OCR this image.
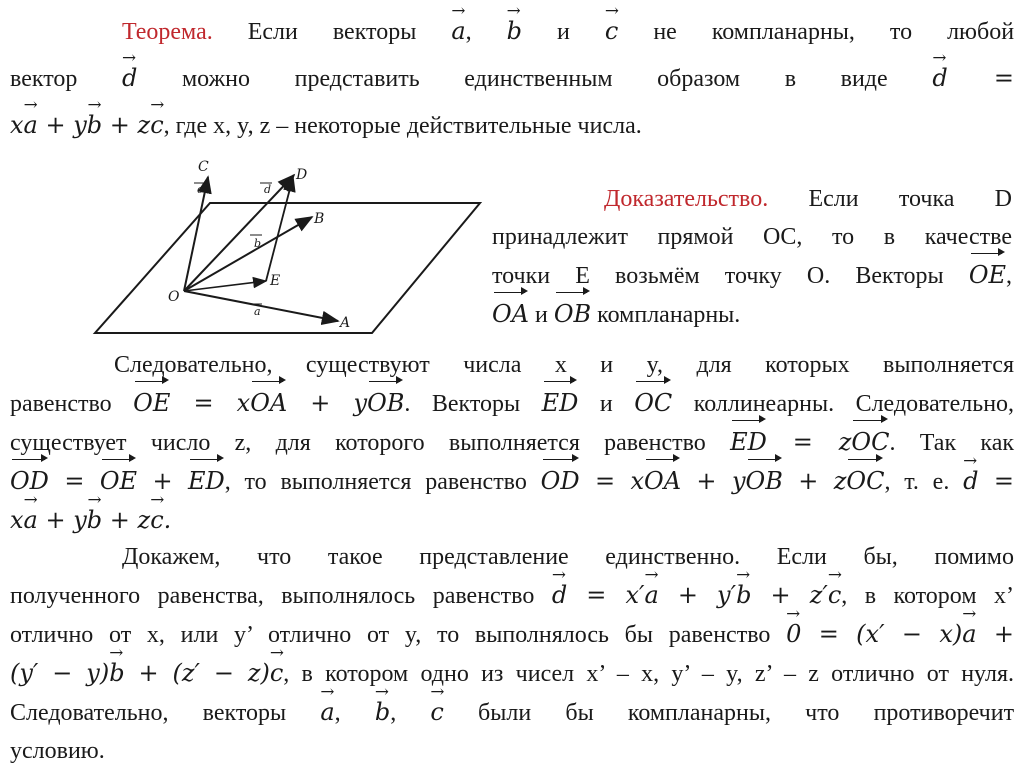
Теорема. Если векторы → a, → b и → c не компланарны, то любой
вектор → d можно представить единственным образом в виде → d =
x→ a + y→ b + z→ c, где x, y, z – некоторые действительные числа.
O
A
B
C	D
E
a
b
c	d	Доказательство. Если точка D
принадлежит прямой OC, то в качестве
точки E возьмём точку O. Векторы OE,
OA и OB компланарны.
Следовательно, существуют числа x и y, для которых выполняется
равенство OE = xOA + yOB. Векторы ED и OC коллинеарны. Следовательно,
существует число z, для которого выполняется равенство ED = zOC. Так как
OD = OE + ED, то выполняется равенство OD = xOA + yOB + zOC, т. е. → d =
x→ a + y→ b + z→ c.
Докажем, что такое представление единственно. Если бы, помимо
полученного равенства, выполнялось равенство → d = x′→ a + y′→ b + z′→ c, в котором x’
отлично от x, или y’ отлично от y, то выполнялось бы равенство → 0 = (x′ − x)→ a +
(y′ − y)→ b + (z′ − z)→ c, в котором одно из чисел x’ – x, y’ – y, z’ – z отлично от нуля.
Следовательно, векторы → a, → b, → c были бы компланарны, что противоречит
условию.
